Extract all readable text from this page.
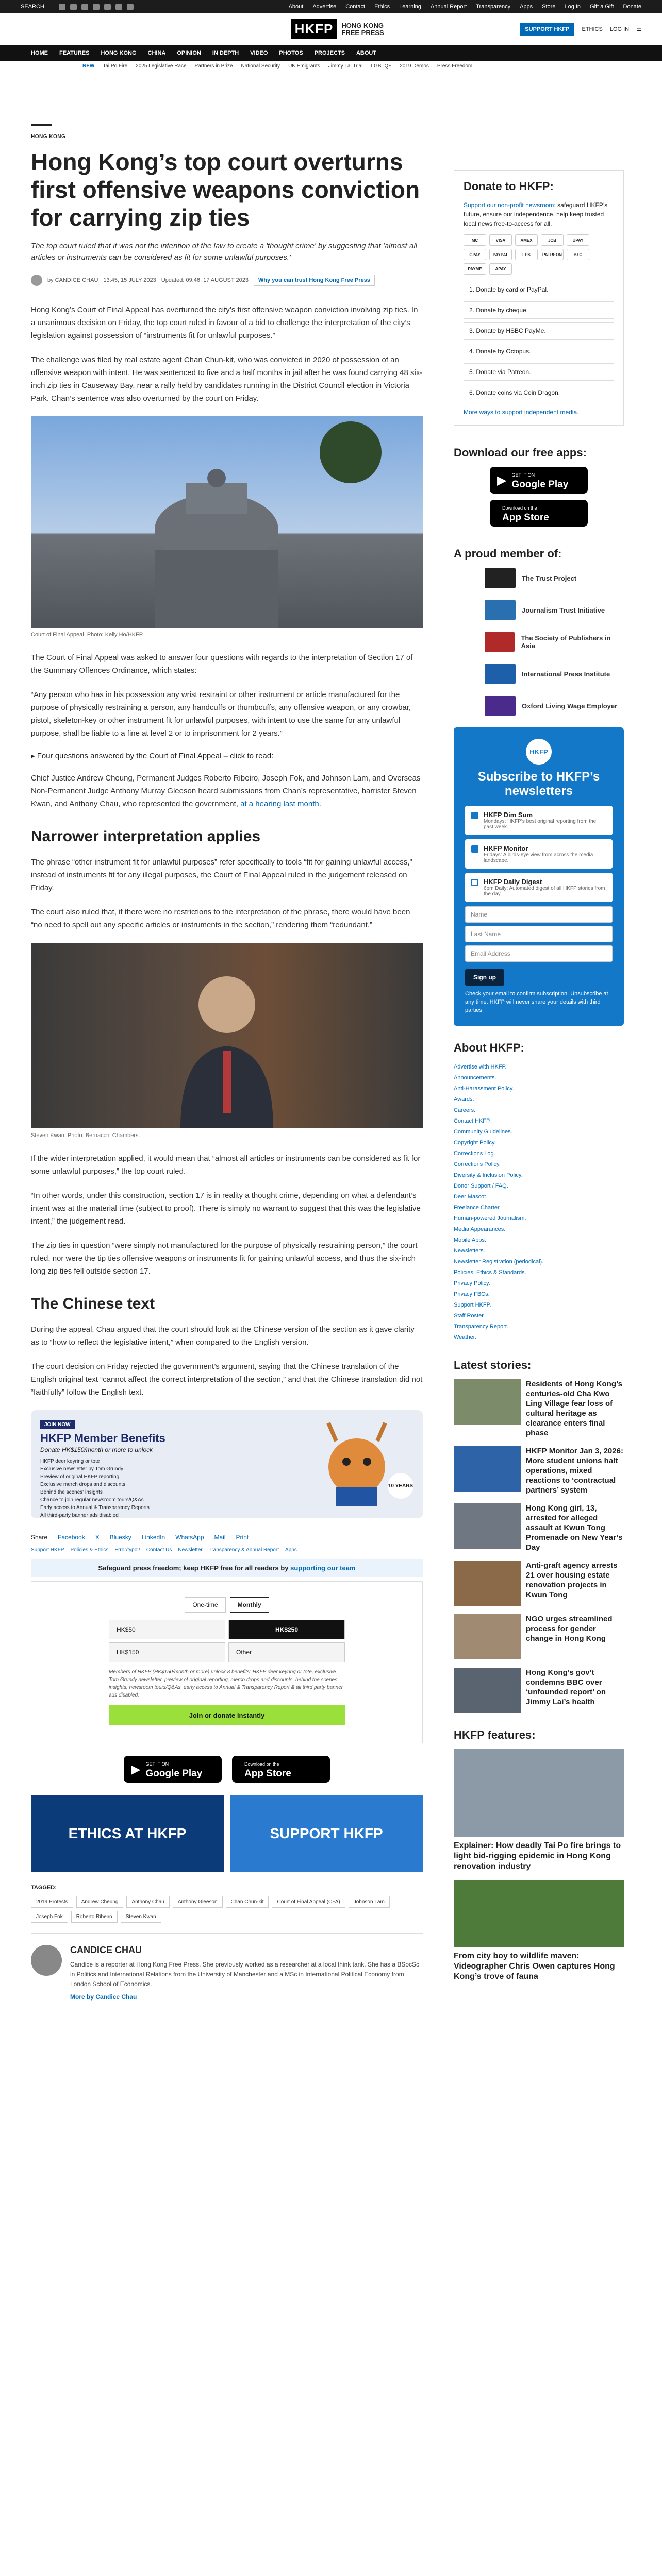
SEARCH	About Advertise Contact Ethics Learning Annual Report Transparency Apps Store Log In Gift a Gift Donate
HKFP	HONG KONG
FREE PRESS	SUPPORT HKFP	ETHICS LOG IN ☰
HOME FEATURES HONG KONG CHINA OPINION IN DEPTH VIDEO PHOTOS PROJECTS ABOUT
NEW Tai Po Fire 2025 Legislative Race Partners in Prize National Security UK Emigrants Jimmy Lai Trial LGBTQ+ 2019 Demos Press Freedom
HONG KONG
Hong Kong’s top court overturns first offensive weapons conviction for carrying zip ties
The top court ruled that it was not the intention of the law to create a 'thought crime' by suggesting that 'almost all articles or instruments can be considered as fit for some unlawful purposes.'
by CANDICE CHAU 13:45, 15 JULY 2023 Updated: 09:46, 17 AUGUST 2023	Why you can trust Hong Kong Free Press

Hong Kong’s Court of Final Appeal has overturned the city’s first offensive weapon conviction involving zip ties. In a unanimous decision on Friday, the top court ruled in favour of a bid to challenge the interpretation of the city’s legislation against possession of “instruments fit for unlawful purposes.”

The challenge was filed by real estate agent Chan Chun-kit, who was convicted in 2020 of possession of an offensive weapon with intent. He was sentenced to five and a half months in jail after he was found carrying 48 six-inch zip ties in Causeway Bay, near a rally held by candidates running in the District Council election in Victoria Park. Chan’s sentence was also overturned by the court on Friday.

Court of Final Appeal. Photo: Kelly Ho/HKFP.

The Court of Final Appeal was asked to answer four questions with regards to the interpretation of Section 17 of the Summary Offences Ordinance, which states:

“Any person who has in his possession any wrist restraint or other instrument or article manufactured for the purpose of physically restraining a person, any handcuffs or thumbcuffs, any offensive weapon, or any crowbar, pistol, skeleton-key or other instrument fit for unlawful purposes, with intent to use the same for any unlawful purpose, shall be liable to a fine at level 2 or to imprisonment for 2 years.”

▸ Four questions answered by the Court of Final Appeal – click to read:

Chief Justice Andrew Cheung, Permanent Judges Roberto Ribeiro, Joseph Fok, and Johnson Lam, and Overseas Non-Permanent Judge Anthony Murray Gleeson heard submissions from Chan’s representative, barrister Steven Kwan, and Anthony Chau, who represented the government, at a hearing last month.

Narrower interpretation applies

The phrase “other instrument fit for unlawful purposes” refer specifically to tools “fit for gaining unlawful access,” instead of instruments fit for any illegal purposes, the Court of Final Appeal ruled in the judgement released on Friday.

The court also ruled that, if there were no restrictions to the interpretation of the phrase, there would have been “no need to spell out any specific articles or instruments in the section,” rendering them “redundant.”

Steven Kwan. Photo: Bernacchi Chambers.

If the wider interpretation applied, it would mean that “almost all articles or instruments can be considered as fit for some unlawful purposes,” the top court ruled.

“In other words, under this construction, section 17 is in reality a thought crime, depending on what a defendant’s intent was at the material time (subject to proof). There is simply no warrant to suggest that this was the legislative intent,” the judgement read.

The zip ties in question “were simply not manufactured for the purpose of physically restraining person,” the court ruled, nor were the tip ties offensive weapons or instruments fit for gaining unlawful access, and thus the six-inch long zip ties fell outside section 17.

The Chinese text

During the appeal, Chau argued that the court should look at the Chinese version of the section as it gave clarity as to “how to reflect the legislative intent,” when compared to the English version.

The court decision on Friday rejected the government’s argument, saying that the Chinese translation of the English original text “cannot affect the correct interpretation of the section,” and that the Chinese translation did not “faithfully” follow the English text.

JOIN NOW
HKFP Member Benefits
Donate HK$150/month or more to unlock
HKFP deer keyring or tote
Exclusive newsletter by Tom Grundy
Preview of original HKFP reporting
Exclusive merch drops and discounts
Behind the scenes' insights
Chance to join regular newsroom tours/Q&As
Early access to Annual & Transparency Reports
All third-party banner ads disabled
10 YEARS
Share Facebook X Bluesky LinkedIn WhatsApp Mail Print
Support HKFP Policies & Ethics Error/typo? Contact Us Newsletter Transparency & Annual Report Apps
Safeguard press freedom; keep HKFP free for all readers by supporting our team
One-time	Monthly
HK$50	HK$250
HK$150	Other
Members of HKFP (HK$150/month or more) unlock 8 benefits: HKFP deer keyring or tote, exclusive Tom Grundy newsletter, preview of original reporting, merch drops and discounts, behind the scenes insights, newsroom tours/Q&As, early access to Annual & Transparency Report & all third party banner ads disabled.
Join or donate instantly
▶ GET IT ON
Google Play
Download on the
App Store
ETHICS AT HKFP	SUPPORT HKFP
TAGGED:
2019 Protests	Andrew Cheung	Anthony Chau	Anthony Gleeson	Chan Chun-kit	Court of Final Appeal (CFA)	Johnson Lam
Joseph Fok	Roberto Ribeiro	Steven Kwan
CANDICE CHAU
Candice is a reporter at Hong Kong Free Press. She previously worked as a researcher at a local think tank. She has a BSocSc in Politics and International Relations from the University of Manchester and a MSc in International Political Economy from London School of Economics.
More by Candice Chau
Donate to HKFP:
Support our non-profit newsroom; safeguard HKFP’s future, ensure our independence, help keep trusted local news free-to-access for all.
MC	VISA	AMEX	JCB	UPAY
GPAY	PAYPAL	FPS	PATREON	BTC
PAYME	APAY
1. Donate by card or PayPal.
2. Donate by cheque.
3. Donate by HSBC PayMe.
4. Donate by Octopus.
5. Donate via Patreon.
6. Donate coins via Coin Dragon.
More ways to support independent media.
Download our free apps:
▶ GET IT ON
Google Play
Download on the
App Store
A proud member of:
The Trust Project
Journalism Trust Initiative
The Society of Publishers in Asia
International Press Institute
Oxford Living Wage Employer
HKFP
Subscribe to HKFP’s newsletters
HKFP Dim Sum
Mondays: HKFP’s best original reporting from the past week.
HKFP Monitor
Fridays: A birds-eye view from across the media landscape.
HKFP Daily Digest
6pm Daily: Automated digest of all HKFP stories from the day.
Name
Last Name
Email Address
Sign up
Check your email to confirm subscription. Unsubscribe at any time. HKFP will never share your details with third parties.
About HKFP:
Advertise with HKFP.
Announcements.
Anti-Harassment Policy.
Awards.
Careers.
Contact HKFP.
Community Guidelines.
Copyright Policy.
Corrections Log.
Corrections Policy.
Diversity & Inclusion Policy.
Donor Support / FAQ.
Deer Mascot.
Freelance Charter.
Human-powered Journalism.
Media Appearances.
Mobile Apps.
Newsletters.
Newsletter Registration (periodical).
Policies, Ethics & Standards.
Privacy Policy.
Privacy FBCs.
Support HKFP.
Staff Roster.
Transparency Report.
Weather.
Latest stories:
Residents of Hong Kong’s centuries-old Cha Kwo Ling Village fear loss of cultural heritage as clearance enters final phase
HKFP Monitor Jan 3, 2026: More student unions halt operations, mixed reactions to ‘contractual partners’ system
Hong Kong girl, 13, arrested for alleged assault at Kwun Tong Promenade on New Year’s Day
Anti-graft agency arrests 21 over housing estate renovation projects in Kwun Tong
NGO urges streamlined process for gender change in Hong Kong
Hong Kong’s gov’t condemns BBC over ‘unfounded report’ on Jimmy Lai’s health
HKFP features:
Explainer: How deadly Tai Po fire brings to light bid-rigging epidemic in Hong Kong renovation industry
From city boy to wildlife maven: Videographer Chris Owen captures Hong Kong’s trove of fauna
